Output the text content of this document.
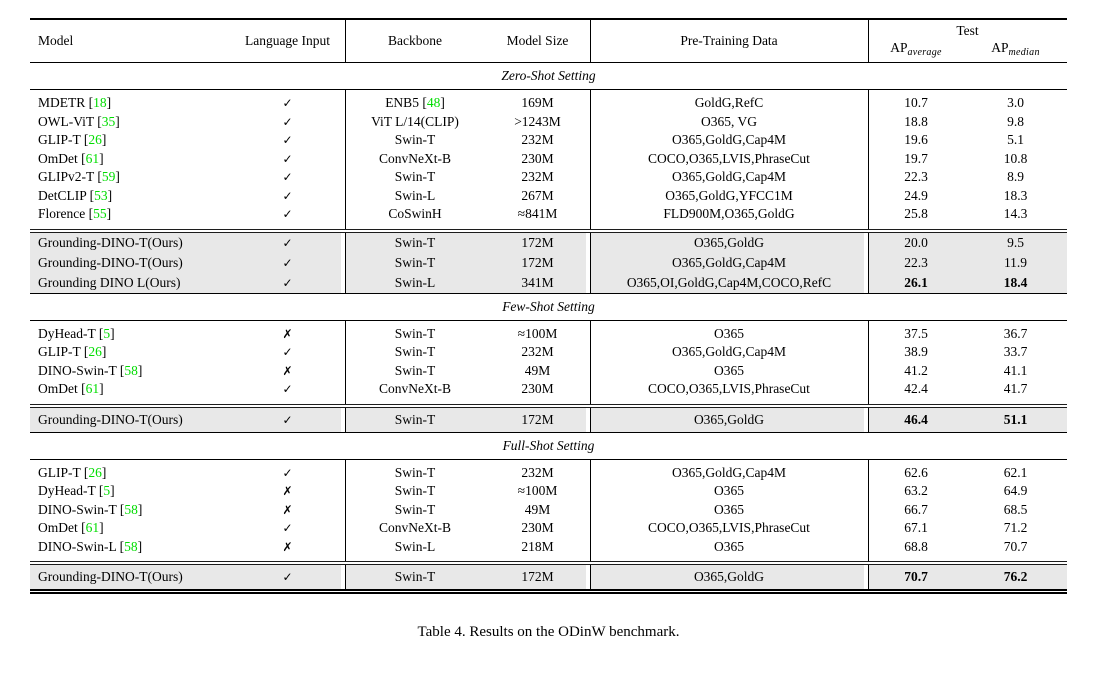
Model	Language Input	Backbone	Model Size	Pre-Training Data
Test
$AP_{average}$	$AP_{median}$
Zero-Shot Setting
MDETR [ 18 ]	✓	ENB5 [ 48 ]	169M	GoldG,RefC	10.7	3.0
OWL-ViT [ 35 ]	✓	ViT L/14(CLIP)	>1243M	O365, VG	18.8	9.8
GLIP-T [ 26 ]	✓	Swin-T	232M	O365,GoldG,Cap4M	19.6	5.1
OmDet [ 61 ]	✓	ConvNeXt-B	230M	COCO,O365,LVIS,PhraseCut	19.7	10.8
GLIPv2-T [ 59 ]	✓	Swin-T	232M	O365,GoldG,Cap4M	22.3	8.9
DetCLIP [ 53 ]	✓	Swin-L	267M	O365,GoldG,YFCC1M	24.9	18.3
Florence [ 55 ]	✓	CoSwinH	≈841M	FLD900M,O365,GoldG	25.8	14.3
Grounding-DINO-T(Ours)	✓	Swin-T	172M	O365,GoldG	20.0	9.5
Grounding-DINO-T(Ours)	✓	Swin-T	172M	O365,GoldG,Cap4M	22.3	11.9
Grounding DINO L(Ours)	✓	Swin-L	341M	O365,OI,GoldG,Cap4M,COCO,RefC	26.1	18.4
Few-Shot Setting
DyHead-T [ 5 ]	✗	Swin-T	≈100M	O365	37.5	36.7
GLIP-T [ 26 ]	✓	Swin-T	232M	O365,GoldG,Cap4M	38.9	33.7
DINO-Swin-T [ 58 ]	✗	Swin-T	49M	O365	41.2	41.1
OmDet [ 61 ]	✓	ConvNeXt-B	230M	COCO,O365,LVIS,PhraseCut	42.4	41.7
Grounding-DINO-T(Ours)	✓	Swin-T	172M	O365,GoldG	46.4	51.1
Full-Shot Setting
GLIP-T [ 26 ]	✓	Swin-T	232M	O365,GoldG,Cap4M	62.6	62.1
DyHead-T [ 5 ]	✗	Swin-T	≈100M	O365	63.2	64.9
DINO-Swin-T [ 58 ]	✗	Swin-T	49M	O365	66.7	68.5
OmDet [ 61 ]	✓	ConvNeXt-B	230M	COCO,O365,LVIS,PhraseCut	67.1	71.2
DINO-Swin-L [ 58 ]	✗	Swin-L	218M	O365	68.8	70.7
Grounding-DINO-T(Ours)	✓	Swin-T	172M	O365,GoldG	70.7	76.2
Table 4. Results on the ODinW benchmark.
